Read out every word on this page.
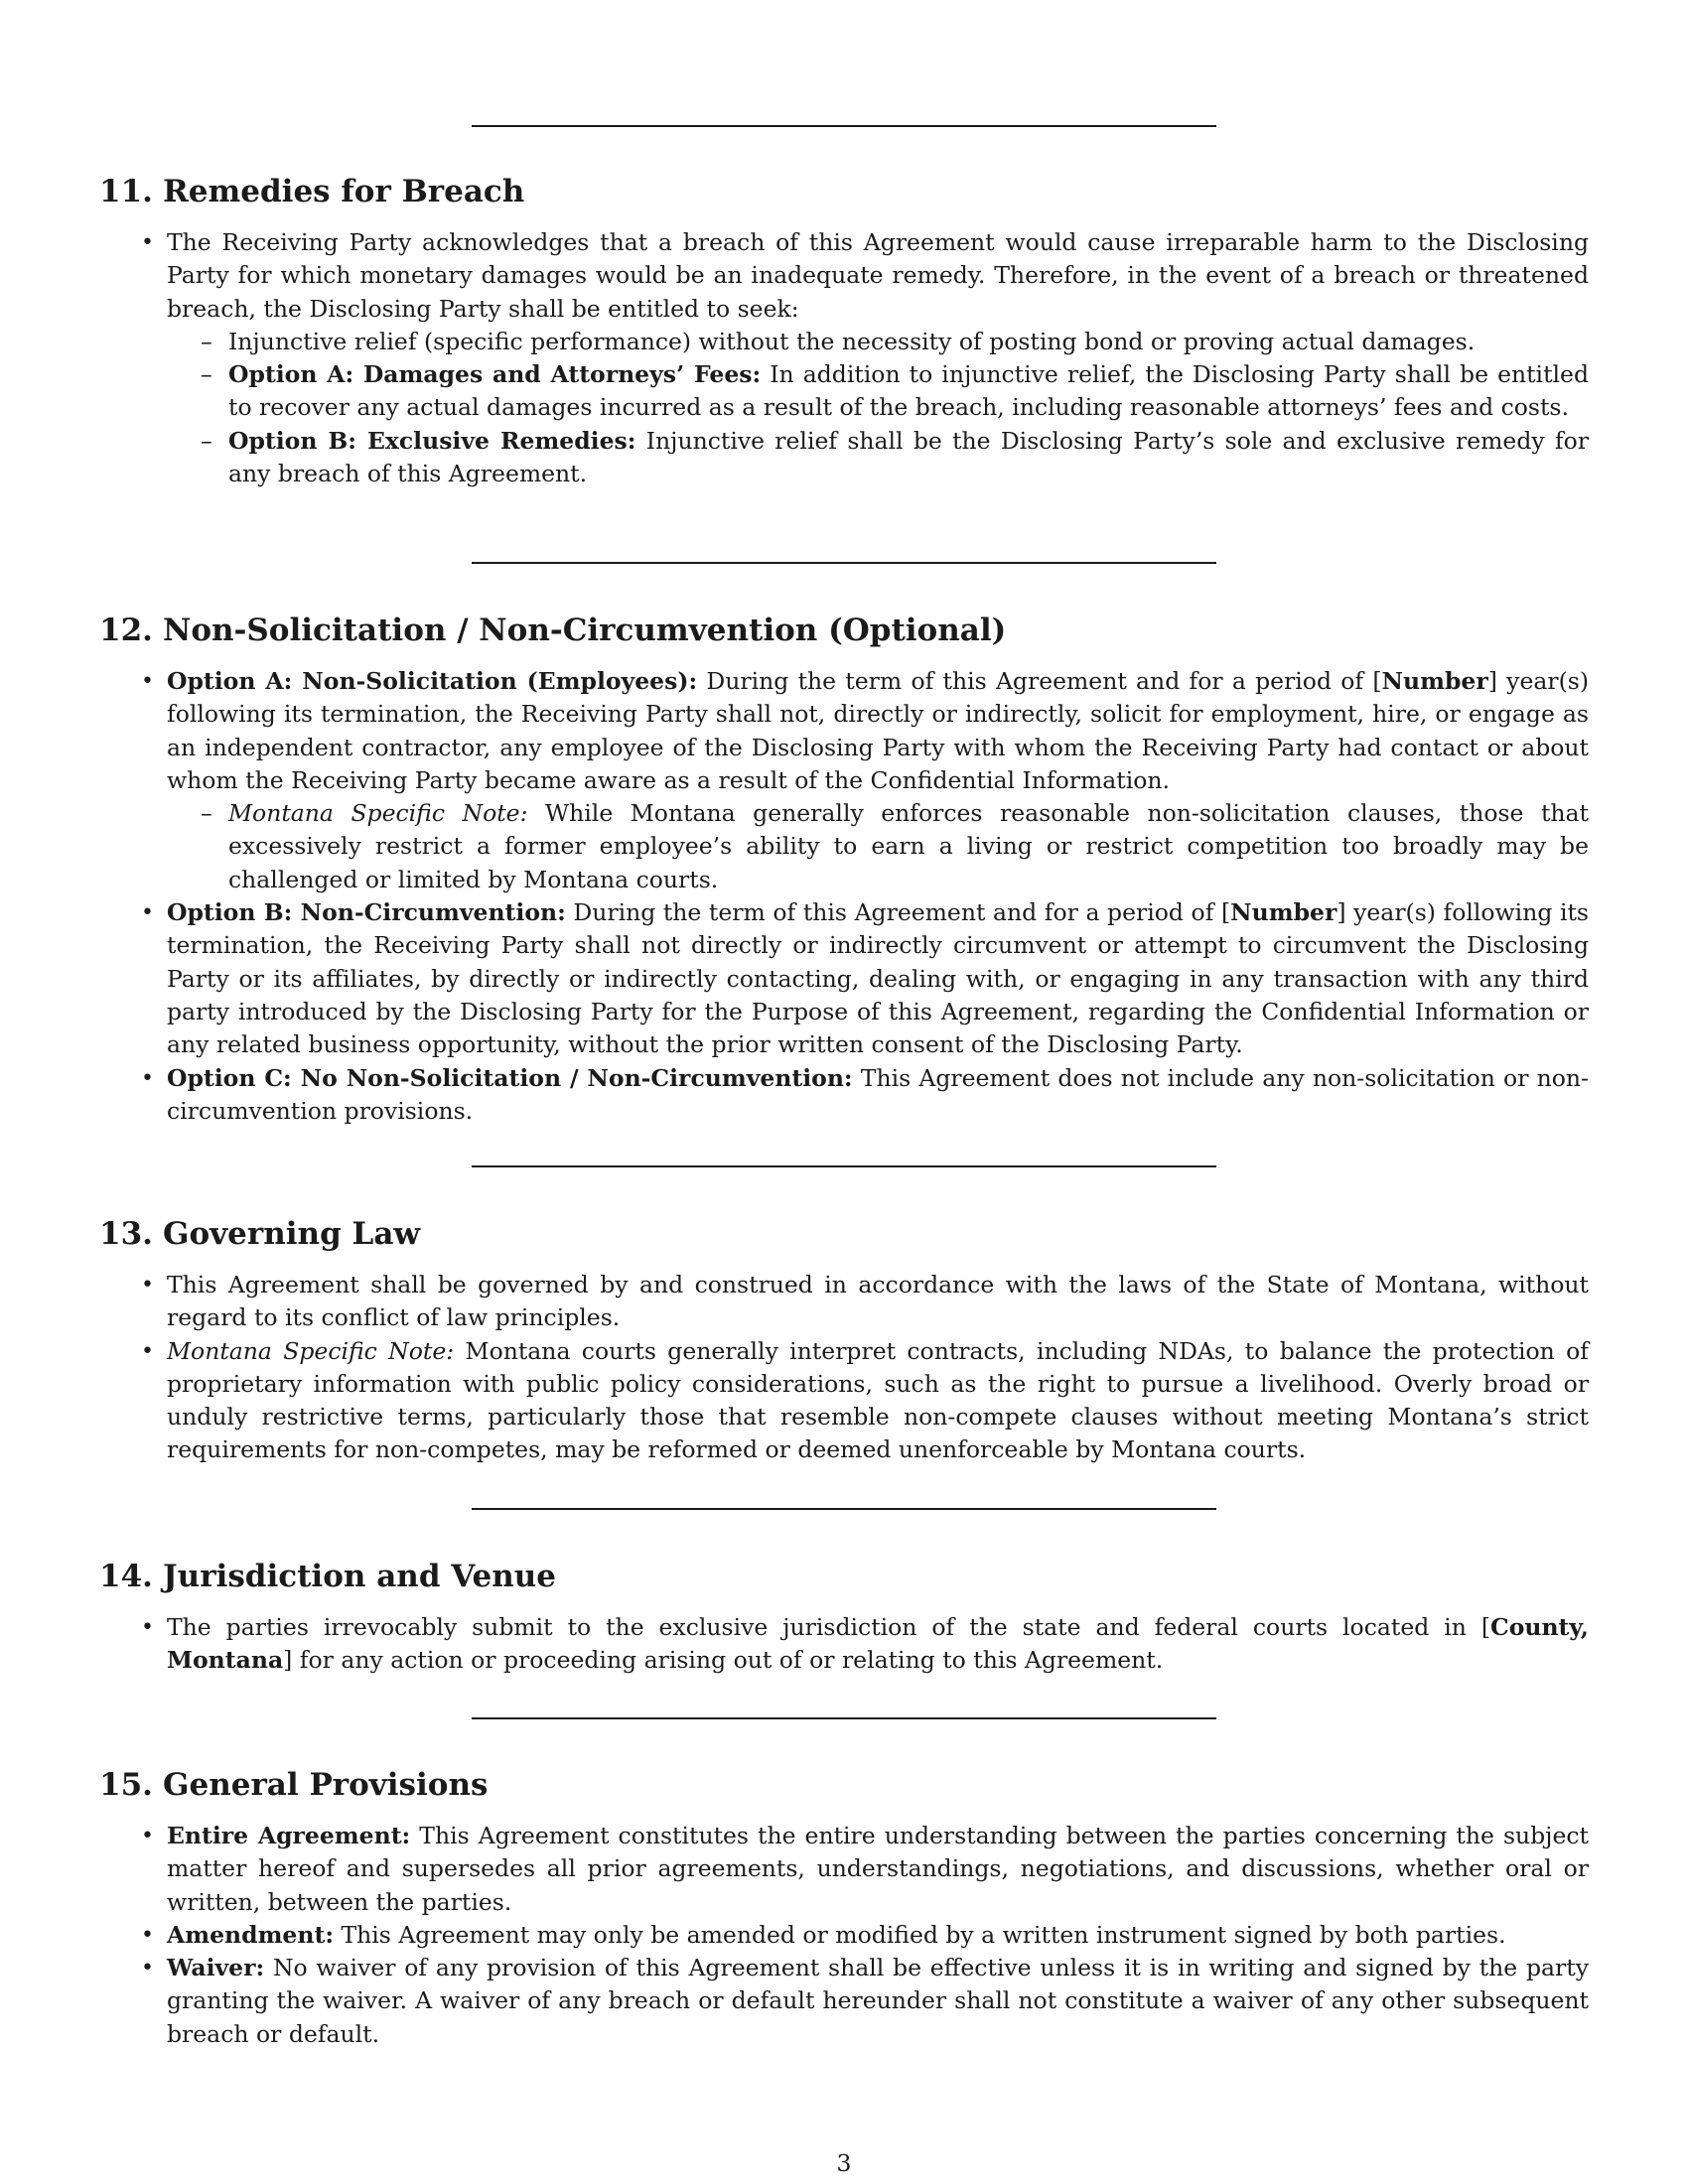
11. Remedies for Breach
• The Receiving Party acknowledges that a breach of this Agreement would cause irreparable harm to the Disclosing Party for which monetary damages would be an inadequate remedy. Therefore, in the event of a breach or threatened breach, the Disclosing Party shall be entitled to seek:
– Injunctive relief (specific performance) without the necessity of posting bond or proving actual damages.
– Option A: Damages and Attorneys’ Fees: In addition to injunctive relief, the Disclosing Party shall be entitled to recover any actual damages incurred as a result of the breach, including reasonable attorneys’ fees and costs.
– Option B: Exclusive Remedies: Injunctive relief shall be the Disclosing Party’s sole and exclusive remedy for any breach of this Agreement.
12. Non-Solicitation / Non-Circumvention (Optional)
• Option A: Non-Solicitation (Employees): During the term of this Agreement and for a period of [Number] year(s) following its termination, the Receiving Party shall not, directly or indirectly, solicit for employment, hire, or engage as an independent contractor, any employee of the Disclosing Party with whom the Receiving Party had contact or about whom the Receiving Party became aware as a result of the Confidential Information.
– Montana Specific Note: While Montana generally enforces reasonable non-solicitation clauses, those that excessively restrict a former employee’s ability to earn a living or restrict competition too broadly may be challenged or limited by Montana courts.
• Option B: Non-Circumvention: During the term of this Agreement and for a period of [Number] year(s) following its termination, the Receiving Party shall not directly or indirectly circumvent or attempt to circumvent the Disclosing Party or its affiliates, by directly or indirectly contacting, dealing with, or engaging in any transaction with any third party introduced by the Disclosing Party for the Purpose of this Agreement, regarding the Confidential Information or any related business opportunity, without the prior written consent of the Disclosing Party.
• Option C: No Non-Solicitation / Non-Circumvention: This Agreement does not include any non-solicitation or non-circumvention provisions.
13. Governing Law
• This Agreement shall be governed by and construed in accordance with the laws of the State of Montana, without regard to its conflict of law principles.
• Montana Specific Note: Montana courts generally interpret contracts, including NDAs, to balance the protection of proprietary information with public policy considerations, such as the right to pursue a livelihood. Overly broad or unduly restrictive terms, particularly those that resemble non-compete clauses without meeting Montana’s strict requirements for non-competes, may be reformed or deemed unenforceable by Montana courts.
14. Jurisdiction and Venue
• The parties irrevocably submit to the exclusive jurisdiction of the state and federal courts located in [County, Montana] for any action or proceeding arising out of or relating to this Agreement.
15. General Provisions
• Entire Agreement: This Agreement constitutes the entire understanding between the parties concerning the subject matter hereof and supersedes all prior agreements, understandings, negotiations, and discussions, whether oral or written, between the parties.
• Amendment: This Agreement may only be amended or modified by a written instrument signed by both parties.
• Waiver: No waiver of any provision of this Agreement shall be effective unless it is in writing and signed by the party granting the waiver. A waiver of any breach or default hereunder shall not constitute a waiver of any other subsequent breach or default.
3
